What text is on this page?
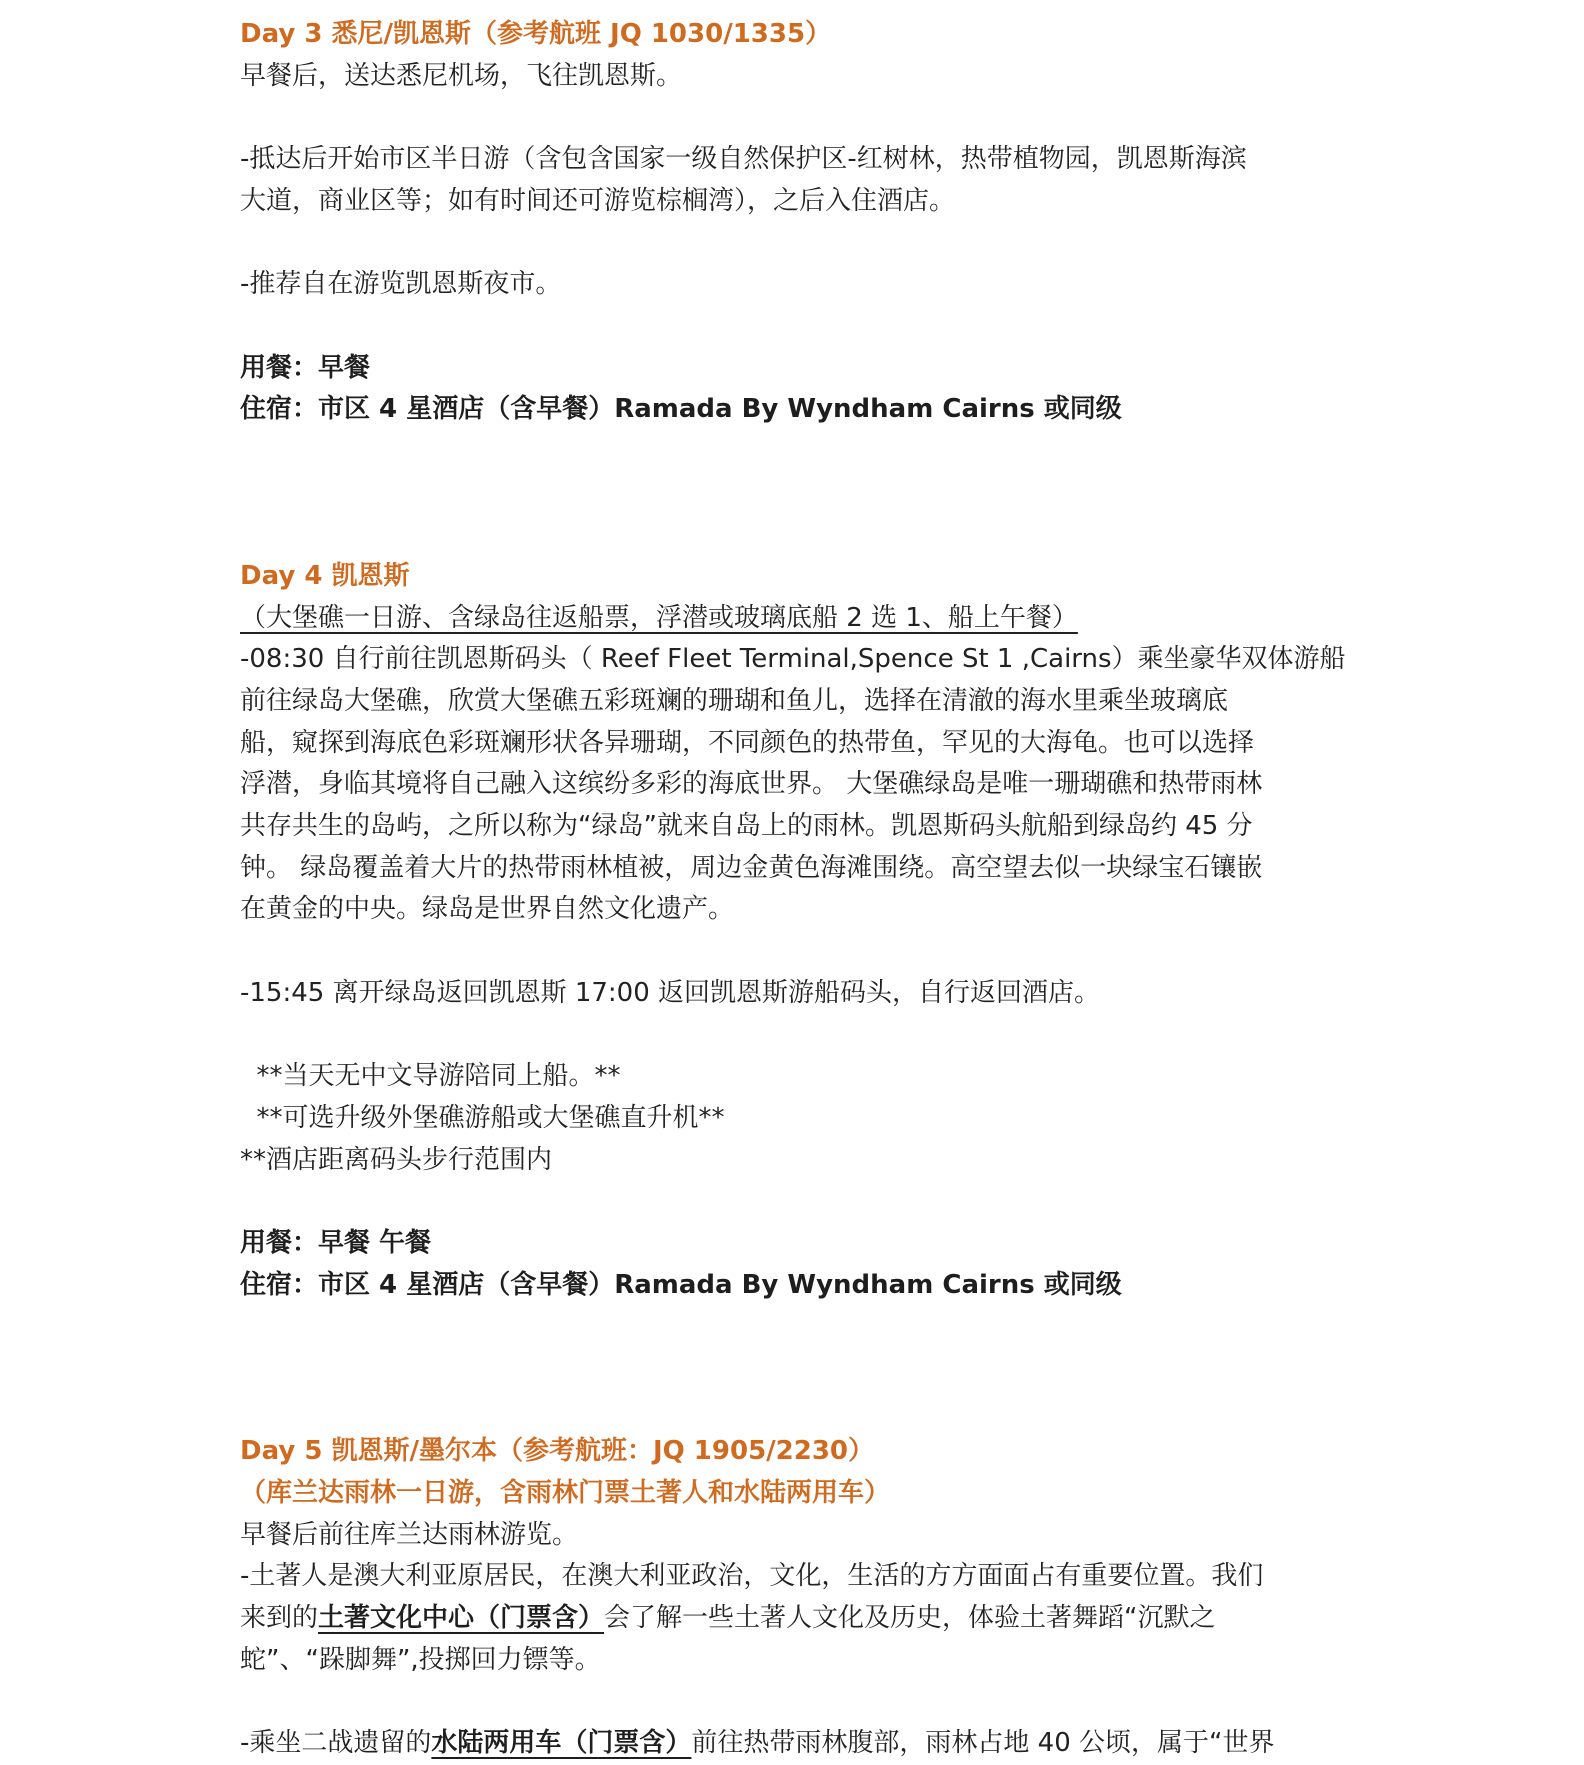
Day 3 悉尼/凯恩斯（参考航班 JQ 1030/1335）
早餐后，送达悉尼机场，飞往凯恩斯。
-抵达后开始市区半日游（含包含国家一级自然保护区-红树林，热带植物园，凯恩斯海滨
大道，商业区等；如有时间还可游览棕榈湾），之后入住酒店。
-推荐自在游览凯恩斯夜市。
用餐：早餐
住宿：市区 4 星酒店（含早餐）Ramada By Wyndham Cairns 或同级
Day 4 凯恩斯
（大堡礁一日游、含绿岛往返船票，浮潜或玻璃底船 2 选 1、船上午餐）
-08:30 自行前往凯恩斯码头（ Reef Fleet Terminal,Spence St 1 ,Cairns）乘坐豪华双体游船
前往绿岛大堡礁，欣赏大堡礁五彩斑斓的珊瑚和鱼儿，选择在清澈的海水里乘坐玻璃底
船，窥探到海底色彩斑斓形状各异珊瑚，不同颜色的热带鱼，罕见的大海龟。也可以选择
浮潜，身临其境将自己融入这缤纷多彩的海底世界。 大堡礁绿岛是唯一珊瑚礁和热带雨林
共存共生的岛屿，之所以称为“绿岛”就来自岛上的雨林。凯恩斯码头航船到绿岛约 45 分
钟。 绿岛覆盖着大片的热带雨林植被，周边金黄色海滩围绕。高空望去似一块绿宝石镶嵌
在黄金的中央。绿岛是世界自然文化遗产。
-15:45 离开绿岛返回凯恩斯 17:00 返回凯恩斯游船码头，自行返回酒店。
**当天无中文导游陪同上船。**
**可选升级外堡礁游船或大堡礁直升机**
**酒店距离码头步行范围内
用餐：早餐 午餐
住宿：市区 4 星酒店（含早餐）Ramada By Wyndham Cairns 或同级
Day 5 凯恩斯/墨尔本（参考航班：JQ 1905/2230）
（库兰达雨林一日游，含雨林门票土著人和水陆两用车）
早餐后前往库兰达雨林游览。
-土著人是澳大利亚原居民，在澳大利亚政治，文化，生活的方方面面占有重要位置。我们
来到的土著文化中心（门票含）会了解一些土著人文化及历史，体验土著舞蹈“沉默之
蛇”、“跺脚舞”,投掷回力镖等。
-乘坐二战遗留的水陆两用车（门票含）前往热带雨林腹部，雨林占地 40 公顷，属于“世界
